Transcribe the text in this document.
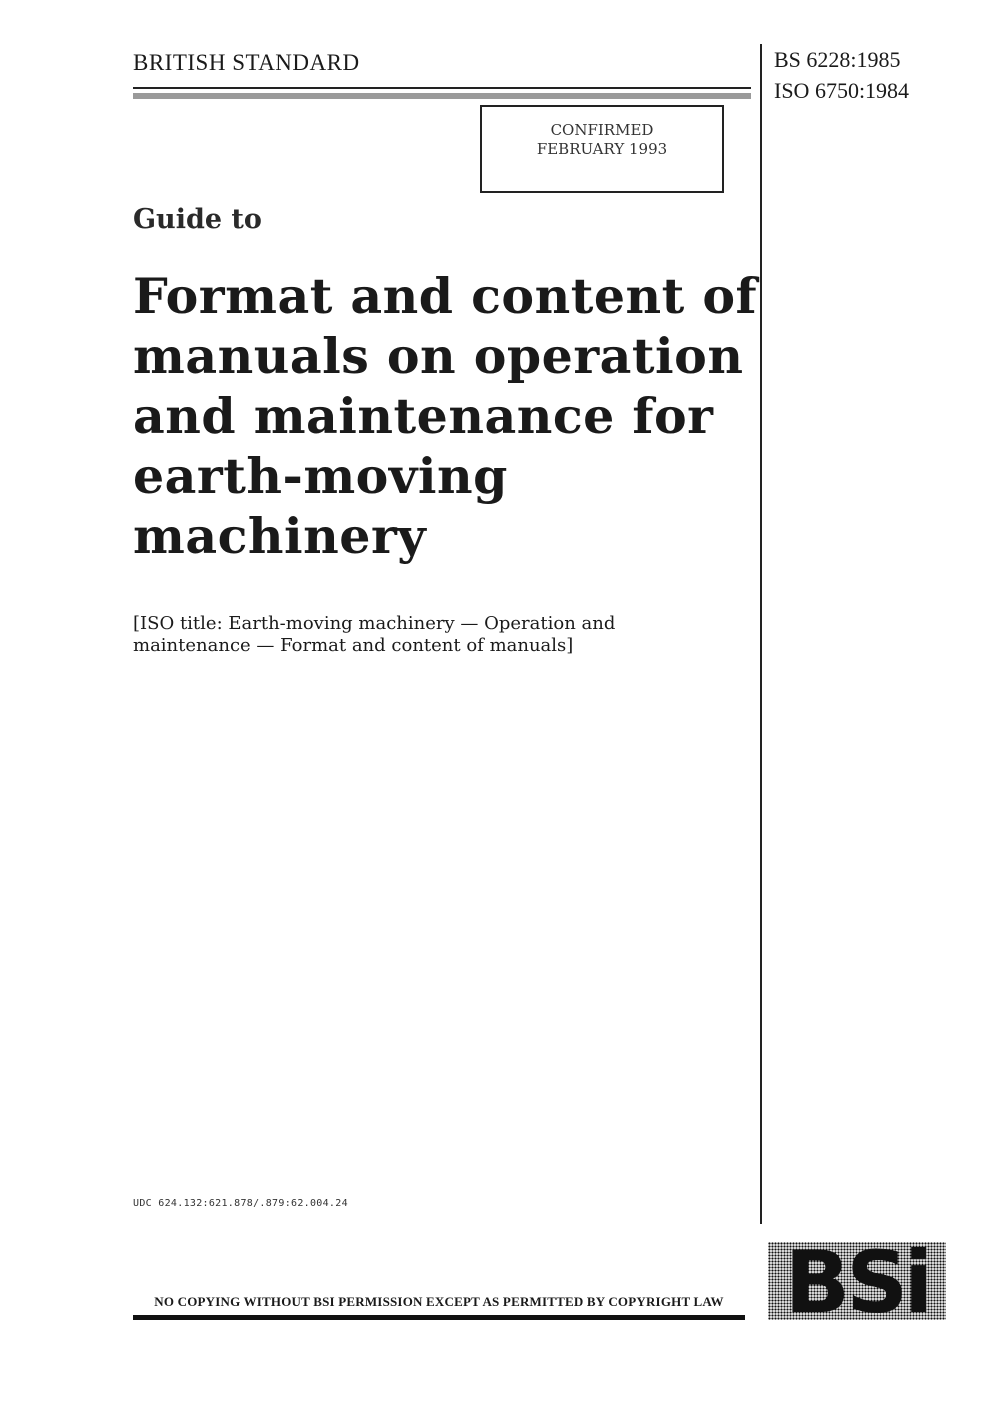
BRITISH STANDARD	BS 6228:1985
ISO 6750:1984
CONFIRMED
FEBRUARY 1993
Guide to
Format and content of
manuals on operation
and maintenance for
earth-moving
machinery
[ISO title: Earth-moving machinery — Operation and
maintenance — Format and content of manuals]
UDC 624.132:621.878/.879:62.004.24
NO COPYING WITHOUT BSI PERMISSION EXCEPT AS PERMITTED BY COPYRIGHT LAW BSi
